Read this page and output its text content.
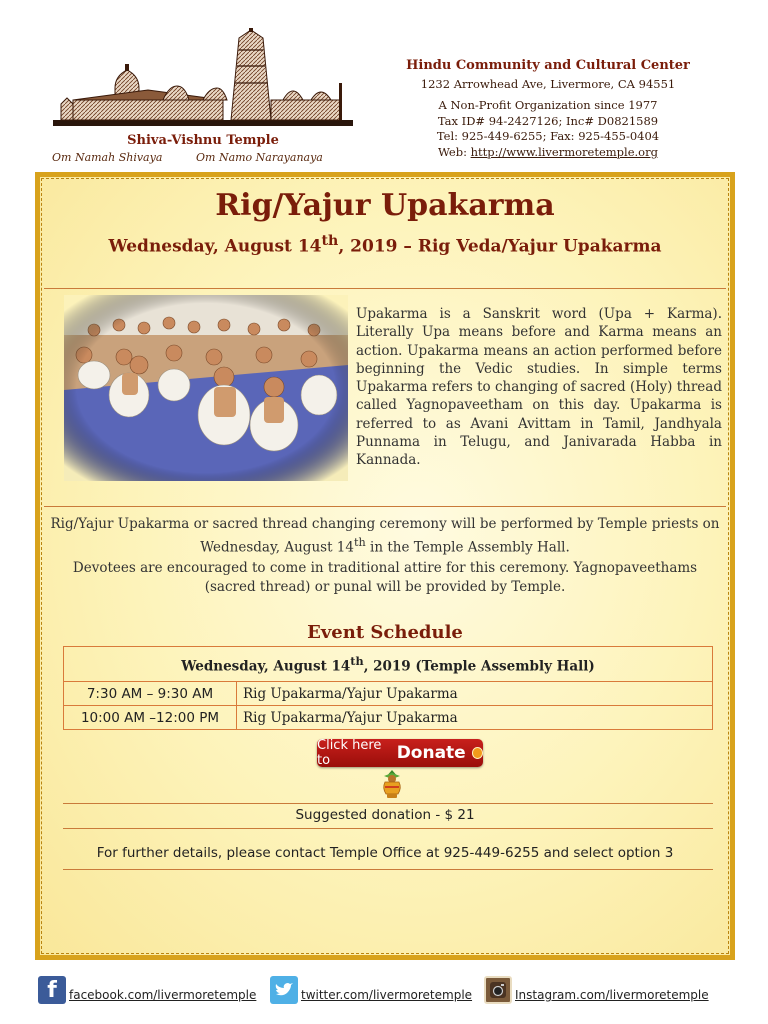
Shiva-Vishnu Temple
Om Namah Shivaya	Om Namo Narayanaya
Hindu Community and Cultural Center
1232 Arrowhead Ave, Livermore, CA 94551
A Non-Profit Organization since 1977
Tax ID# 94-2427126; Inc# D0821589
Tel: 925-449-6255; Fax: 925-455-0404
Web: http://www.livermoretemple.org
Rig/Yajur Upakarma
Wednesday, August 14th, 2019 – Rig Veda/Yajur Upakarma
Upakarma is a Sanskrit word (Upa + Karma). Literally Upa means before and Karma means an action. Upakarma means an action performed before beginning the Vedic studies. In simple terms Upakarma refers to changing of sacred (Holy) thread called Yagnopaveetham on this day. Upakarma is referred to as Avani Avittam in Tamil, Jandhyala Punnama in Telugu, and Janivarada Habba in Kannada.
Rig/Yajur Upakarma or sacred thread changing ceremony will be performed by Temple priests on Wednesday, August 14th in the Temple Assembly Hall.
Devotees are encouraged to come in traditional attire for this ceremony. Yagnopaveethams (sacred thread) or punal will be provided by Temple.
Event Schedule
Wednesday, August 14th, 2019 (Temple Assembly Hall)	
7:30 AM – 9:30 AM	Rig Upakarma/Yajur Upakarma
10:00 AM –12:00 PM	Rig Upakarma/Yajur Upakarma
Click here to	Donate
Suggested donation - $ 21
For further details, please contact Temple Office at 925-449-6255 and select option 3
f	facebook.com/livermoretemple	twitter.com/livermoretemple	Instagram.com/livermoretemple
